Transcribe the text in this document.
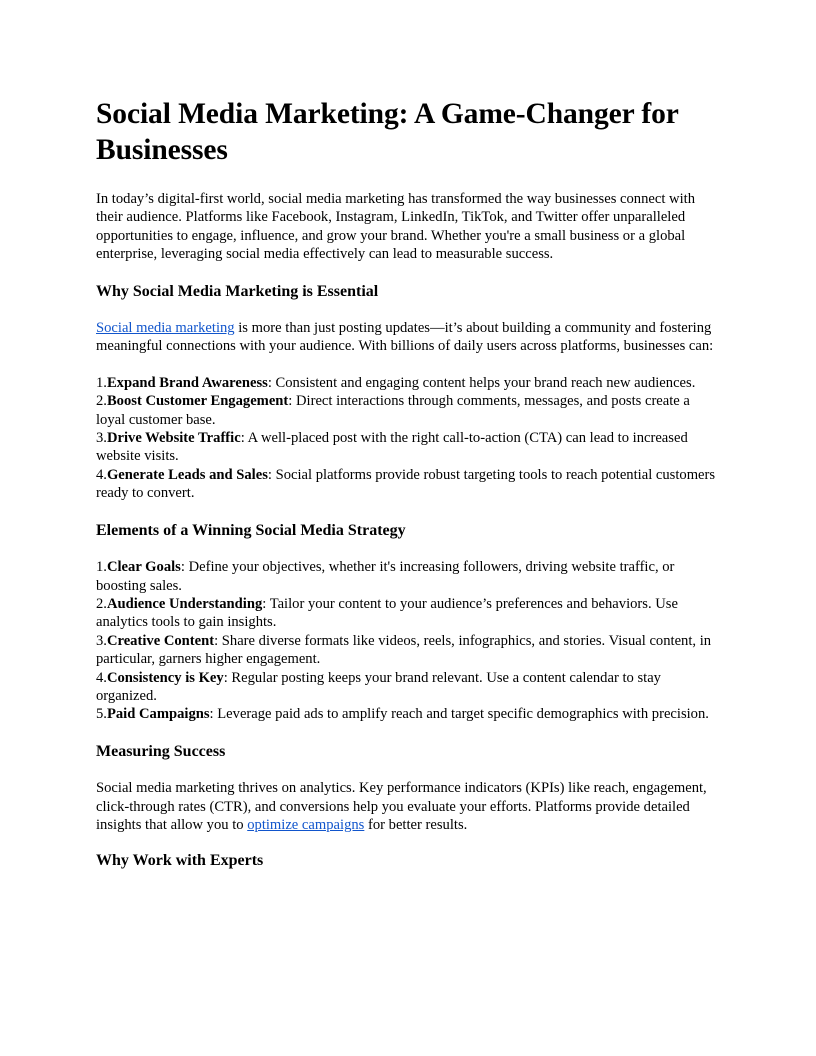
Social Media Marketing: A Game-Changer for Businesses

In today’s digital-first world, social media marketing has transformed the way businesses connect with their audience. Platforms like Facebook, Instagram, LinkedIn, TikTok, and Twitter offer unparalleled opportunities to engage, influence, and grow your brand. Whether you're a small business or a global enterprise, leveraging social media effectively can lead to measurable success.

Why Social Media Marketing is Essential

Social media marketing is more than just posting updates—it’s about building a community and fostering meaningful connections with your audience. With billions of daily users across platforms, businesses can:

1.Expand Brand Awareness: Consistent and engaging content helps your brand reach new audiences.
2.Boost Customer Engagement: Direct interactions through comments, messages, and posts create a loyal customer base.
3.Drive Website Traffic: A well-placed post with the right call-to-action (CTA) can lead to increased website visits.
4.Generate Leads and Sales: Social platforms provide robust targeting tools to reach potential customers ready to convert.
Elements of a Winning Social Media Strategy
1.Clear Goals: Define your objectives, whether it's increasing followers, driving website traffic, or boosting sales.
2.Audience Understanding: Tailor your content to your audience’s preferences and behaviors. Use analytics tools to gain insights.
3.Creative Content: Share diverse formats like videos, reels, infographics, and stories. Visual content, in particular, garners higher engagement.
4.Consistency is Key: Regular posting keeps your brand relevant. Use a content calendar to stay organized.
5.Paid Campaigns: Leverage paid ads to amplify reach and target specific demographics with precision.
Measuring Success

Social media marketing thrives on analytics. Key performance indicators (KPIs) like reach, engagement, click-through rates (CTR), and conversions help you evaluate your efforts. Platforms provide detailed insights that allow you to optimize campaigns for better results.

Why Work with Experts
